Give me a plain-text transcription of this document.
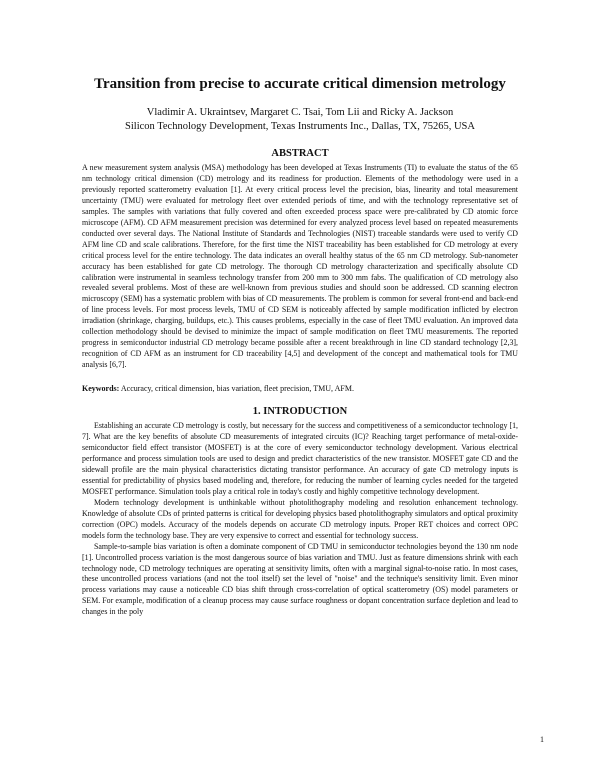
Transition from precise to accurate critical dimension metrology
Vladimir A. Ukraintsev, Margaret C. Tsai, Tom Lii and Ricky A. Jackson
Silicon Technology Development, Texas Instruments Inc., Dallas, TX, 75265, USA
ABSTRACT

A new measurement system analysis (MSA) methodology has been developed at Texas Instruments (TI) to evaluate the status of the 65 nm technology critical dimension (CD) metrology and its readiness for production. Elements of the methodology were used in a previously reported scatterometry evaluation [1]. At every critical process level the precision, bias, linearity and total measurement uncertainty (TMU) were evaluated for metrology fleet over extended periods of time, and with the technology representative set of samples. The samples with variations that fully covered and often exceeded process space were pre-calibrated by CD atomic force microscope (AFM). CD AFM measurement precision was determined for every analyzed process level based on repeated measurements conducted over several days. The National Institute of Standards and Technologies (NIST) traceable standards were used to verify CD AFM line CD and scale calibrations. Therefore, for the first time the NIST traceability has been established for CD metrology at every critical process level for the entire technology. The data indicates an overall healthy status of the 65 nm CD metrology. Sub-nanometer accuracy has been established for gate CD metrology. The thorough CD metrology characterization and specifically absolute CD calibration were instrumental in seamless technology transfer from 200 mm to 300 mm fabs. The qualification of CD metrology also revealed several problems. Most of these are well-known from previous studies and should soon be addressed. CD scanning electron microscopy (SEM) has a systematic problem with bias of CD measurements. The problem is common for several front-end and back-end of line process levels. For most process levels, TMU of CD SEM is noticeably affected by sample modification inflicted by electron irradiation (shrinkage, charging, buildups, etc.). This causes problems, especially in the case of fleet TMU evaluation. An improved data collection methodology should be devised to minimize the impact of sample modification on fleet TMU measurements. The reported progress in semiconductor industrial CD metrology became possible after a recent breakthrough in line CD standard technology [2,3], recognition of CD AFM as an instrument for CD traceability [4,5] and development of the concept and mathematical tools for TMU analysis [6,7].

Keywords: Accuracy, critical dimension, bias variation, fleet precision, TMU, AFM.
1. INTRODUCTION

Establishing an accurate CD metrology is costly, but necessary for the success and competitiveness of a semiconductor technology [1, 7]. What are the key benefits of absolute CD measurements of integrated circuits (IC)? Reaching target performance of metal-oxide-semiconductor field effect transistor (MOSFET) is at the core of every semiconductor technology development. Various electrical performance and process simulation tools are used to design and predict characteristics of the new transistor. MOSFET gate CD and the sidewall profile are the main physical characteristics dictating transistor performance. An accuracy of gate CD metrology inputs is essential for predictability of physics based modeling and, therefore, for reducing the number of learning cycles needed for the targeted MOSFET performance. Simulation tools play a critical role in today's costly and highly competitive technology development.

Modern technology development is unthinkable without photolithography modeling and resolution enhancement technology. Knowledge of absolute CDs of printed patterns is critical for developing physics based photolithography simulators and optical proximity correction (OPC) models. Accuracy of the models depends on accurate CD metrology inputs. Proper RET choices and correct OPC models form the technology base. They are very expensive to correct and essential for technology success.

Sample-to-sample bias variation is often a dominate component of CD TMU in semiconductor technologies beyond the 130 nm node [1]. Uncontrolled process variation is the most dangerous source of bias variation and TMU. Just as feature dimensions shrink with each technology node, CD metrology techniques are operating at sensitivity limits, often with a marginal signal-to-noise ratio. In most cases, these uncontrolled process variations (and not the tool itself) set the level of "noise" and the technique's sensitivity limit. Even minor process variations may cause a noticeable CD bias shift through cross-correlation of optical scatterometry (OS) model parameters or SEM. For example, modification of a cleanup process may cause surface roughness or dopant concentration surface depletion and lead to changes in the poly

1
